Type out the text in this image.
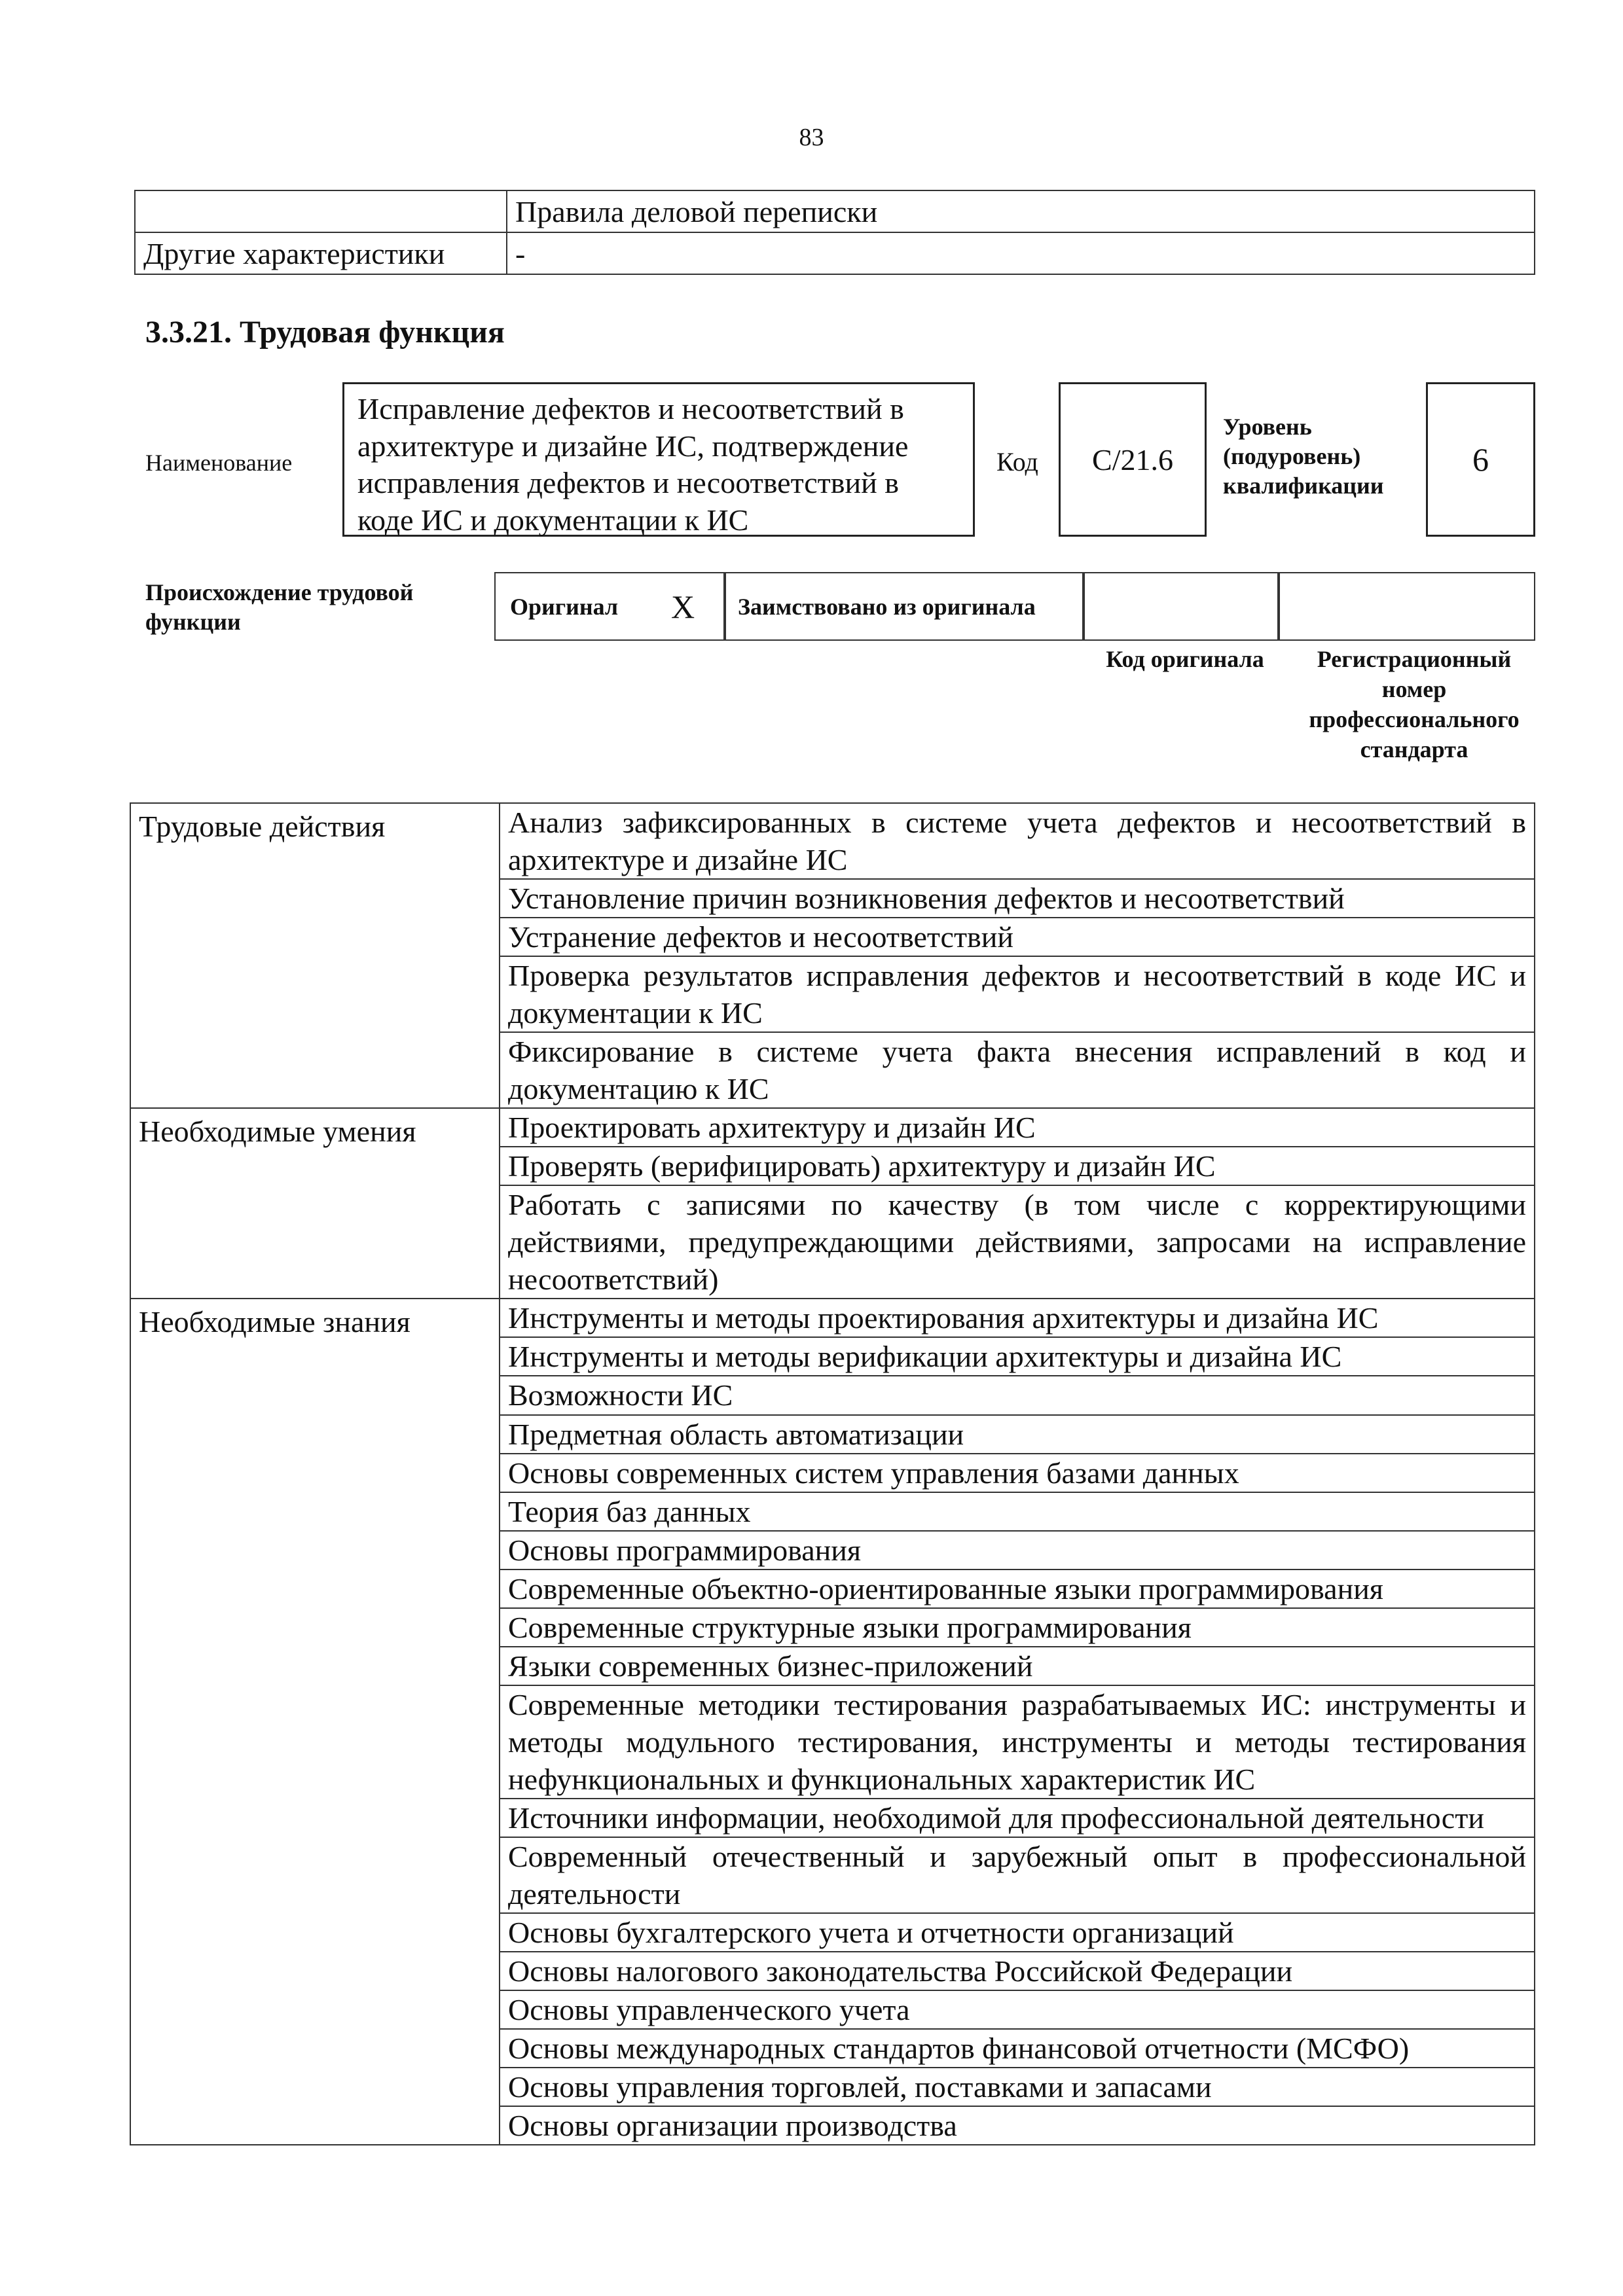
83
	Правила деловой переписки
Другие характеристики	-
3.3.21. Трудовая функция
Наименование
Исправление дефектов и несоответствий в архитектуре и дизайне ИС, подтверждение исправления дефектов и несоответствий в коде ИС и документации к ИС
Код	C/21.6
Уровень
(подуровень)
квалификации
6
Происхождение трудовой функции
Оригинал X	Заимствовано из оригинала
Код оригинала	Регистрационный номер профессионального стандарта
Трудовые действия	Анализ зафиксированных в системе учета дефектов и несоответствий в архитектуре и дизайне ИС
	Установление причин возникновения дефектов и несоответствий
	Устранение дефектов и несоответствий
	Проверка результатов исправления дефектов и несоответствий в коде ИС и документации к ИС
	Фиксирование в системе учета факта внесения исправлений в код и документацию к ИС
Необходимые умения	Проектировать архитектуру и дизайн ИС
	Проверять (верифицировать) архитектуру и дизайн ИС
	Работать с записями по качеству (в том числе с корректирующими действиями, предупреждающими действиями, запросами на исправление несоответствий)
Необходимые знания	Инструменты и методы проектирования архитектуры и дизайна ИС
	Инструменты и методы верификации архитектуры и дизайна ИС
	Возможности ИС
	Предметная область автоматизации
	Основы современных систем управления базами данных
	Теория баз данных
	Основы программирования
	Современные объектно-ориентированные языки программирования
	Современные структурные языки программирования
	Языки современных бизнес-приложений
	Современные методики тестирования разрабатываемых ИС: инструменты и методы модульного тестирования, инструменты и методы тестирования нефункциональных и функциональных характеристик ИС
	Источники информации, необходимой для профессиональной деятельности
	Современный отечественный и зарубежный опыт в профессиональной деятельности
	Основы бухгалтерского учета и отчетности организаций
	Основы налогового законодательства Российской Федерации
	Основы управленческого учета
	Основы международных стандартов финансовой отчетности (МСФО)
	Основы управления торговлей, поставками и запасами
	Основы организации производства
